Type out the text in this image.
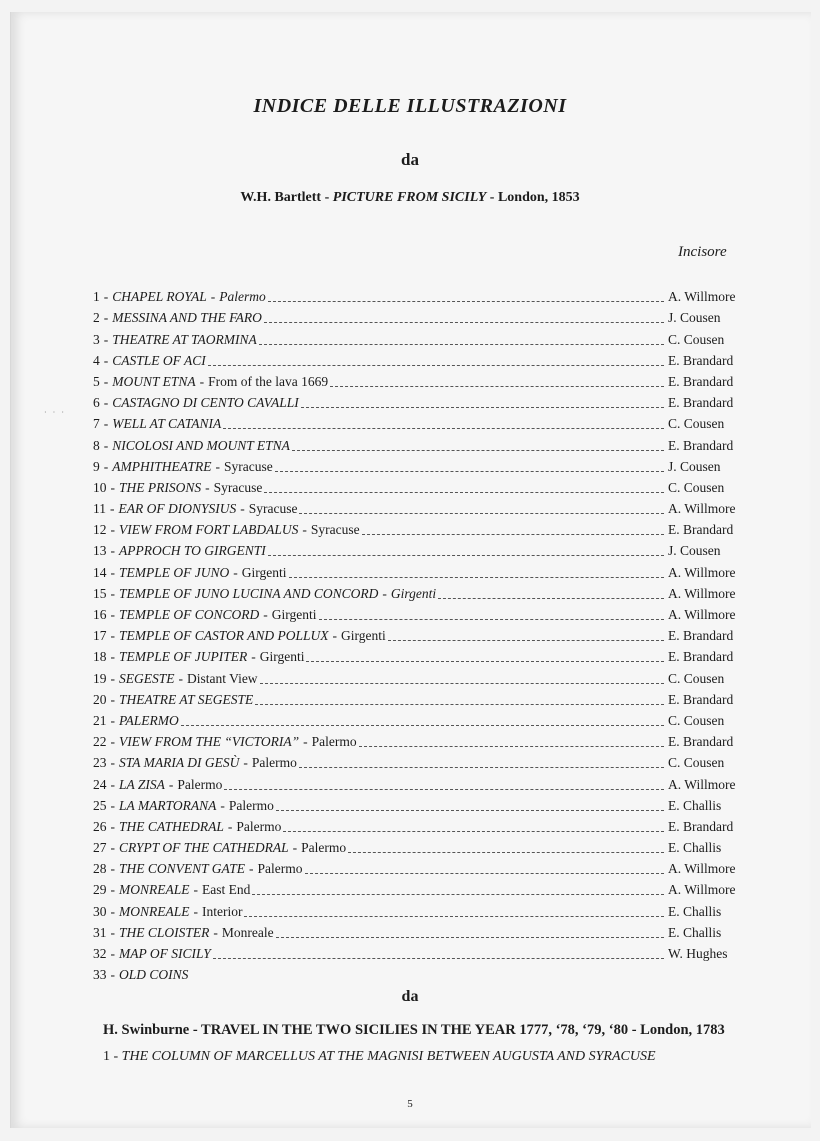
INDICE DELLE ILLUSTRAZIONI
da
W.H. Bartlett - PICTURE FROM SICILY - London, 1853
Incisore
· · ·
1 - CHAPEL ROYAL - Palermo	A. Willmore
2 - MESSINA AND THE FARO	J. Cousen
3 - THEATRE AT TAORMINA	C. Cousen
4 - CASTLE OF ACI	E. Brandard
5 - MOUNT ETNA - From of the lava 1669	E. Brandard
6 - CASTAGNO DI CENTO CAVALLI	E. Brandard
7 - WELL AT CATANIA	C. Cousen
8 - NICOLOSI AND MOUNT ETNA	E. Brandard
9 - AMPHITHEATRE - Syracuse	J. Cousen
10 - THE PRISONS - Syracuse	C. Cousen
11 - EAR OF DIONYSIUS - Syracuse	A. Willmore
12 - VIEW FROM FORT LABDALUS - Syracuse	E. Brandard
13 - APPROCH TO GIRGENTI	J. Cousen
14 - TEMPLE OF JUNO - Girgenti	A. Willmore
15 - TEMPLE OF JUNO LUCINA AND CONCORD - Girgenti	A. Willmore
16 - TEMPLE OF CONCORD - Girgenti	A. Willmore
17 - TEMPLE OF CASTOR AND POLLUX - Girgenti	E. Brandard
18 - TEMPLE OF JUPITER - Girgenti	E. Brandard
19 - SEGESTE - Distant View	C. Cousen
20 - THEATRE AT SEGESTE	E. Brandard
21 - PALERMO	C. Cousen
22 - VIEW FROM THE “VICTORIA” - Palermo	E. Brandard
23 - STA MARIA DI GESÙ - Palermo	C. Cousen
24 - LA ZISA - Palermo	A. Willmore
25 - LA MARTORANA - Palermo	E. Challis
26 - THE CATHEDRAL - Palermo	E. Brandard
27 - CRYPT OF THE CATHEDRAL - Palermo	E. Challis
28 - THE CONVENT GATE - Palermo	A. Willmore
29 - MONREALE - East End	A. Willmore
30 - MONREALE - Interior	E. Challis
31 - THE CLOISTER - Monreale	E. Challis
32 - MAP OF SICILY	W. Hughes
33 - OLD COINS
da
H. Swinburne - TRAVEL IN THE TWO SICILIES IN THE YEAR 1777, ‘78, ‘79, ‘80 - London, 1783
1 - THE COLUMN OF MARCELLUS AT THE MAGNISI BETWEEN AUGUSTA AND SYRACUSE
5
